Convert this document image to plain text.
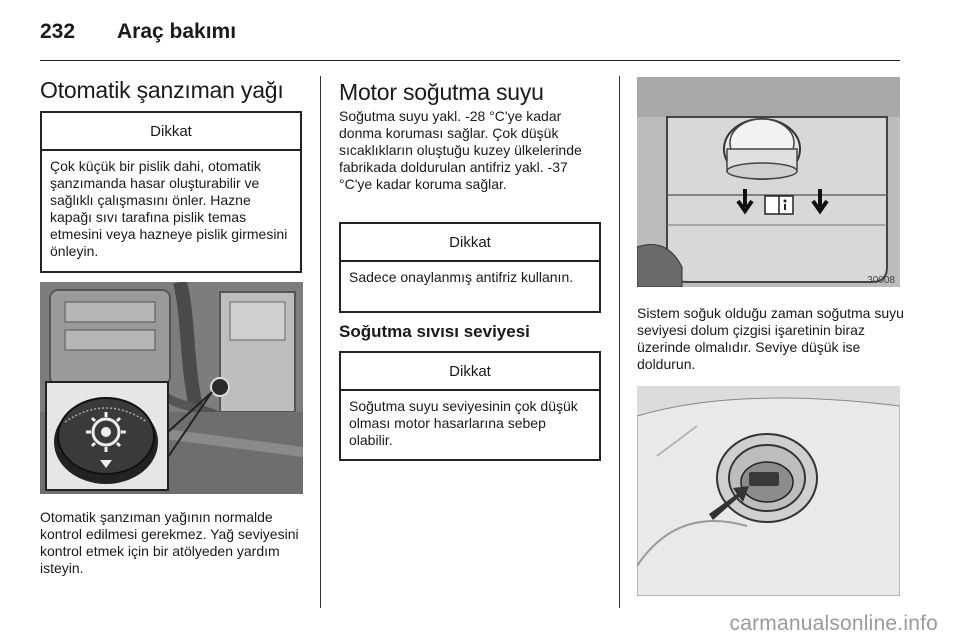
232 Araç bakımı
Otomatik şanzıman yağı
Dikkat
Çok küçük bir pislik dahi, otomatik şanzımanda hasar oluşturabilir ve sağlıklı çalışmasını önler. Hazne kapağı sıvı tarafına pislik temas etmesini veya hazneye pislik girmesini önleyin.
Otomatik şanzıman yağının normalde kontrol edilmesi gerekmez. Yağ seviyesini kontrol etmek için bir atölyeden yardım isteyin.
Motor soğutma suyu
Soğutma suyu yakl. -28 °C'ye kadar donma koruması sağlar. Çok düşük sıcaklıkların oluştuğu kuzey ülkelerinde fabrikada doldurulan antifriz yakl. -37 °C'ye kadar koruma sağlar.
Dikkat
Sadece onaylanmış antifriz kullanın.
Soğutma sıvısı seviyesi
Dikkat
Soğutma suyu seviyesinin çok düşük olması motor hasarlarına sebep olabilir.
30008
Sistem soğuk olduğu zaman soğutma suyu seviyesi dolum çizgisi işaretinin biraz üzerinde olmalıdır. Seviye düşük ise doldurun.
carmanualsonline.info
